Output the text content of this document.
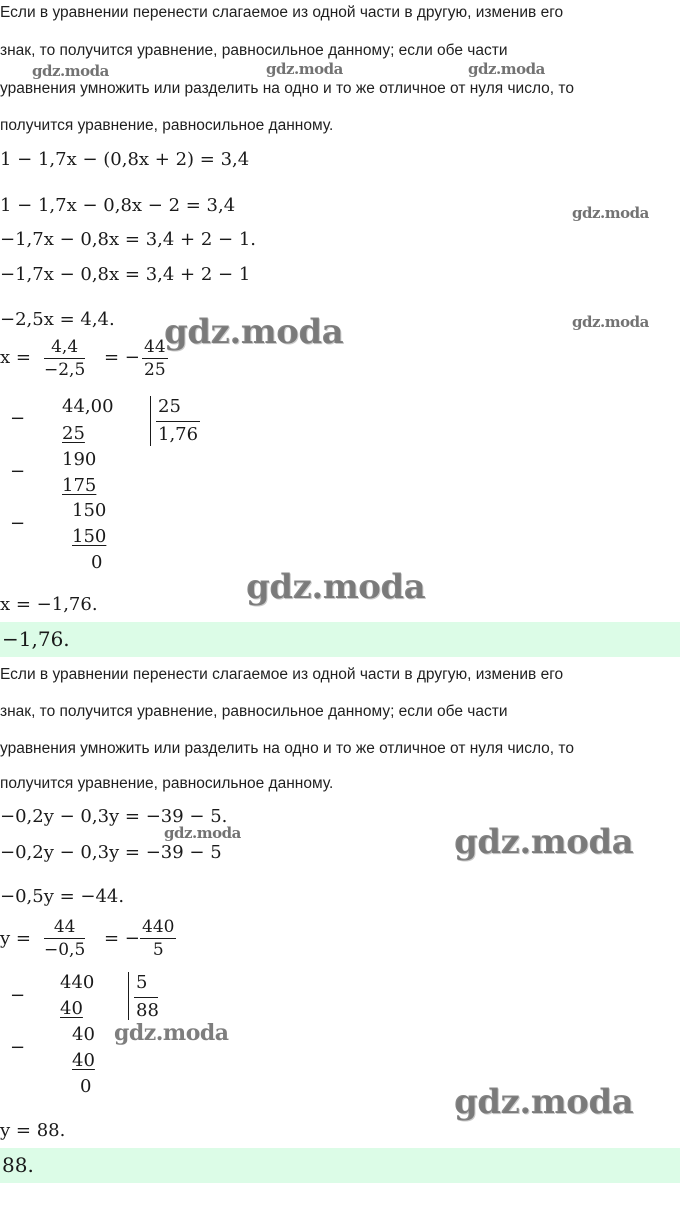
Если в уравнении перенести слагаемое из одной части в другую, изменив его
знак, то получится уравнение, равносильное данному; если обе части
уравнения умножить или разделить на одно и то же отличное от нуля число, то
получится уравнение, равносильное данному.
1 − 1,7x − (0,8x + 2) = 3,4
1 − 1,7x − 0,8x − 2 = 3,4
−1,7x − 0,8x = 3,4 + 2 − 1.
−1,7x − 0,8x = 3,4 + 2 − 1
−2,5x = 4,4.
$x = \frac{4,4}{-2,5}$ = − $\frac{44}{25}$
−
−
−
44,00
25
190
175
150
150
0
25
1,76
x = −1,76.
−1,76.
Если в уравнении перенести слагаемое из одной части в другую, изменив его
знак, то получится уравнение, равносильное данному; если обе части
уравнения умножить или разделить на одно и то же отличное от нуля число, то
получится уравнение, равносильное данному.
−0,2y − 0,3y = −39 − 5.
−0,2y − 0,3y = −39 − 5
−0,5y = −44.
$y = \frac{44}{-0,5}$ = − $\frac{440}{5}$
−
−
440
40
40
40
0
5
88
y = 88.
88.
gdz.moda	gdz.moda	gdz.moda
gdz.moda
gdz.moda
gdz.moda
gdz.moda
gdz.moda	gdz.moda
gdz.moda
gdz.moda
